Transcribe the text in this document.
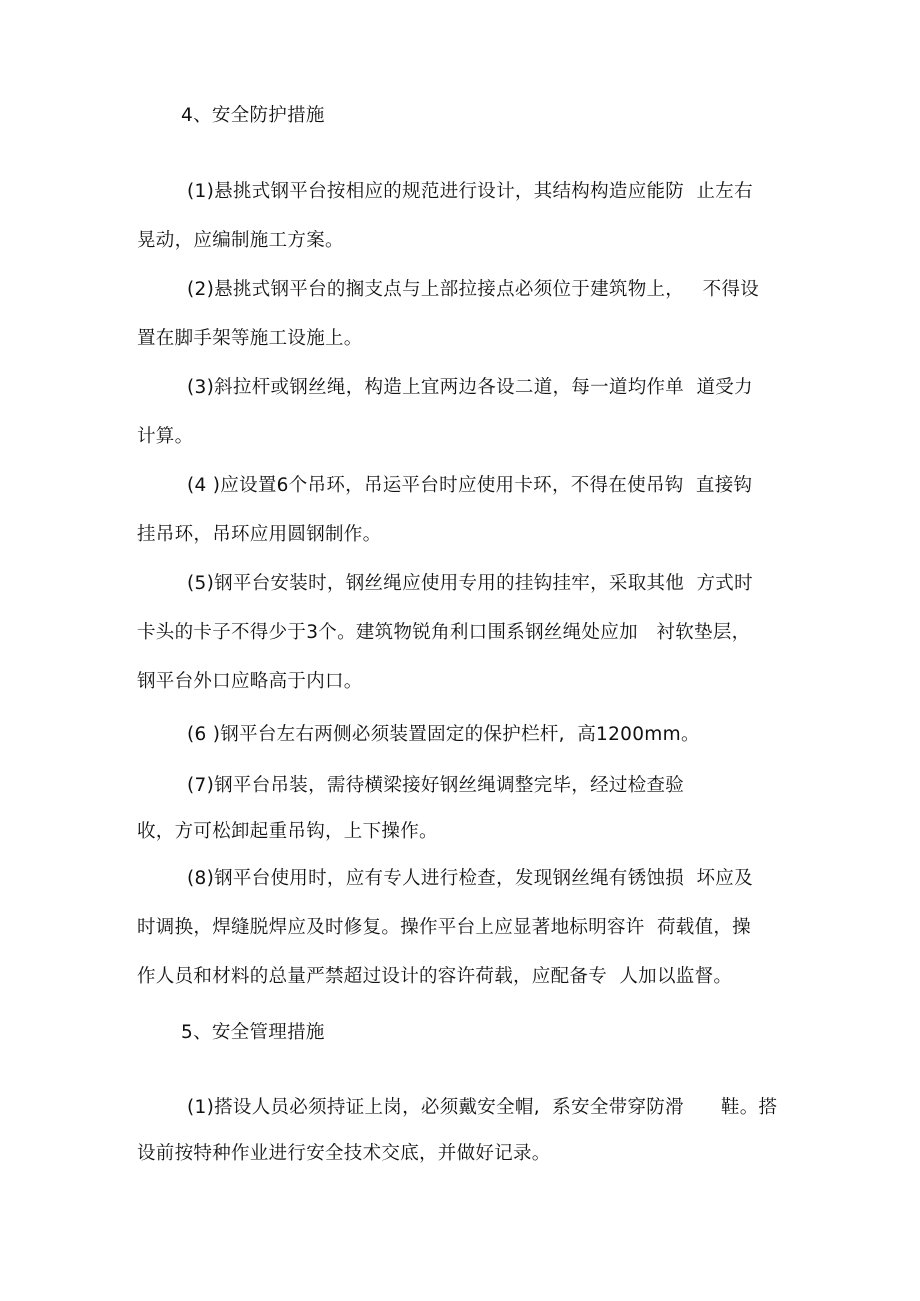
4、安全防护措施
(1)悬挑式钢平台按相应的规范进行设计，其结构构造应能防  止左右
晃动，应编制施工方案。
(2)悬挑式钢平台的搁支点与上部拉接点必须位于建筑物上，   不得设
置在脚手架等施工设施上。
(3)斜拉杆或钢丝绳，构造上宜两边各设二道，每一道均作单  道受力
计算。
(4 )应设置6个吊环，吊运平台时应使用卡环，不得在使吊钩  直接钩
挂吊环，吊环应用圆钢制作。
(5)钢平台安装时，钢丝绳应使用专用的挂钩挂牢，采取其他  方式时
卡头的卡子不得少于3个。建筑物锐角利口围系钢丝绳处应加   衬软垫层，
钢平台外口应略高于内口。
(6 )钢平台左右两侧必须装置固定的保护栏杆,  高1200mm。
(7)钢平台吊装，需待横梁接好钢丝绳调整完毕，经过检查验
收，方可松卸起重吊钩，上下操作。
(8)钢平台使用时，应有专人进行检查，发现钢丝绳有锈蚀损  坏应及
时调换，焊缝脱焊应及时修复。操作平台上应显著地标明容许  荷载值，操
作人员和材料的总量严禁超过设计的容许荷载，应配备专  人加以监督。
5、安全管理措施
(1)搭设人员必须持证上岗，必须戴安全帽,  系安全带穿防滑      鞋。搭
设前按特种作业进行安全技术交底，并做好记录。
